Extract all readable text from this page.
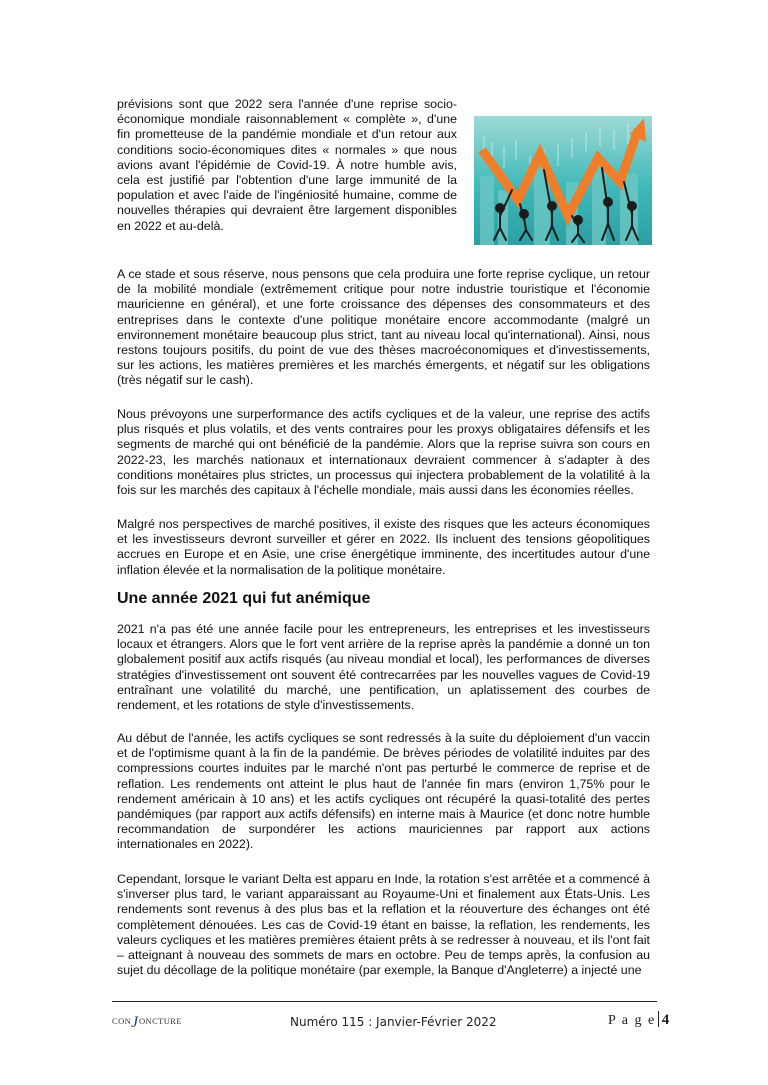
prévisions sont que 2022 sera l'année d'une reprise socio-économique mondiale raisonnablement « complète », d'une fin prometteuse de la pandémie mondiale et d'un retour aux conditions socio-économiques dites « normales » que nous avions avant l'épidémie de Covid-19. À notre humble avis, cela est justifié par l'obtention d'une large immunité de la population et avec l'aide de l'ingéniosité humaine, comme de nouvelles thérapies qui devraient être largement disponibles en 2022 et au-delà.

A ce stade et sous réserve, nous pensons que cela produira une forte reprise cyclique, un retour de la mobilité mondiale (extrêmement critique pour notre industrie touristique et l'économie mauricienne en général), et une forte croissance des dépenses des consommateurs et des entreprises dans le contexte d'une politique monétaire encore accommodante (malgré un environnement monétaire beaucoup plus strict, tant au niveau local qu'international). Ainsi, nous restons toujours positifs, du point de vue des thèses macroéconomiques et d'investissements, sur les actions, les matières premières et les marchés émergents, et négatif sur les obligations (très négatif sur le cash).

Nous prévoyons une surperformance des actifs cycliques et de la valeur, une reprise des actifs plus risqués et plus volatils, et des vents contraires pour les proxys obligataires défensifs et les segments de marché qui ont bénéficié de la pandémie. Alors que la reprise suivra son cours en 2022-23, les marchés nationaux et internationaux devraient commencer à s'adapter à des conditions monétaires plus strictes, un processus qui injectera probablement de la volatilité à la fois sur les marchés des capitaux à l'échelle mondiale, mais aussi dans les économies réelles.

Malgré nos perspectives de marché positives, il existe des risques que les acteurs économiques et les investisseurs devront surveiller et gérer en 2022. Ils incluent des tensions géopolitiques accrues en Europe et en Asie, une crise énergétique imminente, des incertitudes autour d'une inflation élevée et la normalisation de la politique monétaire.

Une année 2021 qui fut anémique

2021 n'a pas été une année facile pour les entrepreneurs, les entreprises et les investisseurs locaux et étrangers. Alors que le fort vent arrière de la reprise après la pandémie a donné un ton globalement positif aux actifs risqués (au niveau mondial et local), les performances de diverses stratégies d'investissement ont souvent été contrecarrées par les nouvelles vagues de Covid-19 entraînant une volatilité du marché, une pentification, un aplatissement des courbes de rendement, et les rotations de style d'investissements.

Au début de l'année, les actifs cycliques se sont redressés à la suite du déploiement d'un vaccin et de l'optimisme quant à la fin de la pandémie. De brèves périodes de volatilité induites par des compressions courtes induites par le marché n'ont pas perturbé le commerce de reprise et de reflation. Les rendements ont atteint le plus haut de l'année fin mars (environ 1,75% pour le rendement américain à 10 ans) et les actifs cycliques ont récupéré la quasi-totalité des pertes pandémiques (par rapport aux actifs défensifs) en interne mais à Maurice (et donc notre humble recommandation de surpondérer les actions mauriciennes par rapport aux actions internationales en 2022).

Cependant, lorsque le variant Delta est apparu en Inde, la rotation s'est arrêtée et a commencé à s'inverser plus tard, le variant apparaissant au Royaume-Uni et finalement aux États-Unis. Les rendements sont revenus à des plus bas et la reflation et la réouverture des échanges ont été complètement dénouées. Les cas de Covid-19 étant en baisse, la reflation, les rendements, les valeurs cycliques et les matières premières étaient prêts à se redresser à nouveau, et ils l'ont fait – atteignant à nouveau des sommets de mars en octobre. Peu de temps après, la confusion au sujet du décollage de la politique monétaire (par exemple, la Banque d'Angleterre) a injecté une

CON J ONCTURE	Numéro 115 : Janvier-Février 2022	P a g e 4
